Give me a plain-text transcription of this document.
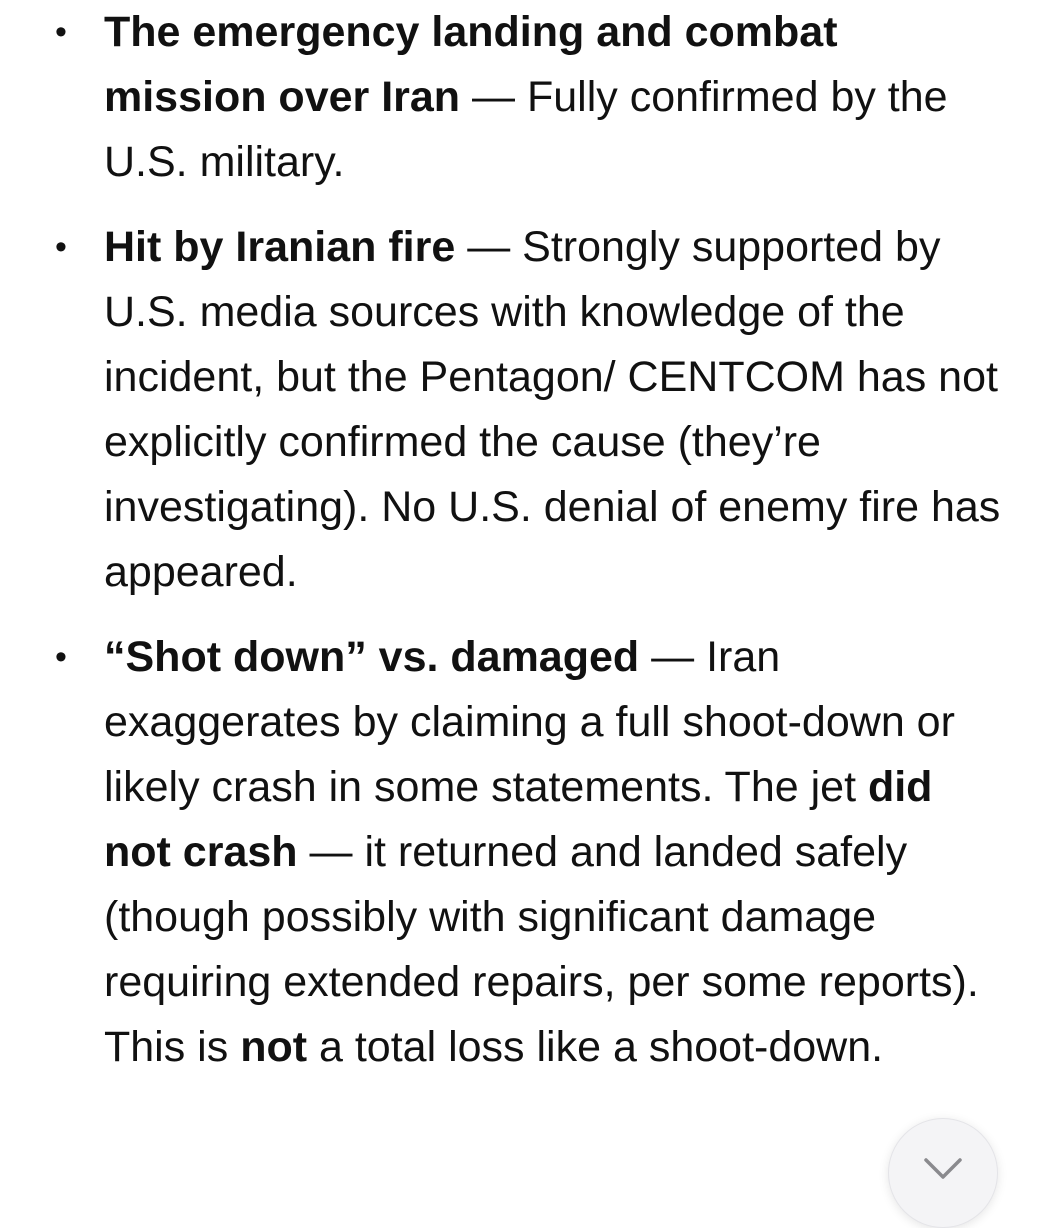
• The emergency landing and combat mission over Iran — Fully confirmed by the U.S. military.
• Hit by Iranian fire — Strongly supported by U.S. media sources with knowledge of the incident, but the Pentagon/ CENTCOM has not explicitly confirmed the cause (they’re investigating). No U.S. denial of enemy fire has appeared.
• “Shot down” vs. damaged — Iran exaggerates by claiming a full shoot-down or likely crash in some statements. The jet did not crash — it returned and landed safely (though possibly with significant damage requiring extended repairs, per some reports). This is not a total loss like a shoot-down.
